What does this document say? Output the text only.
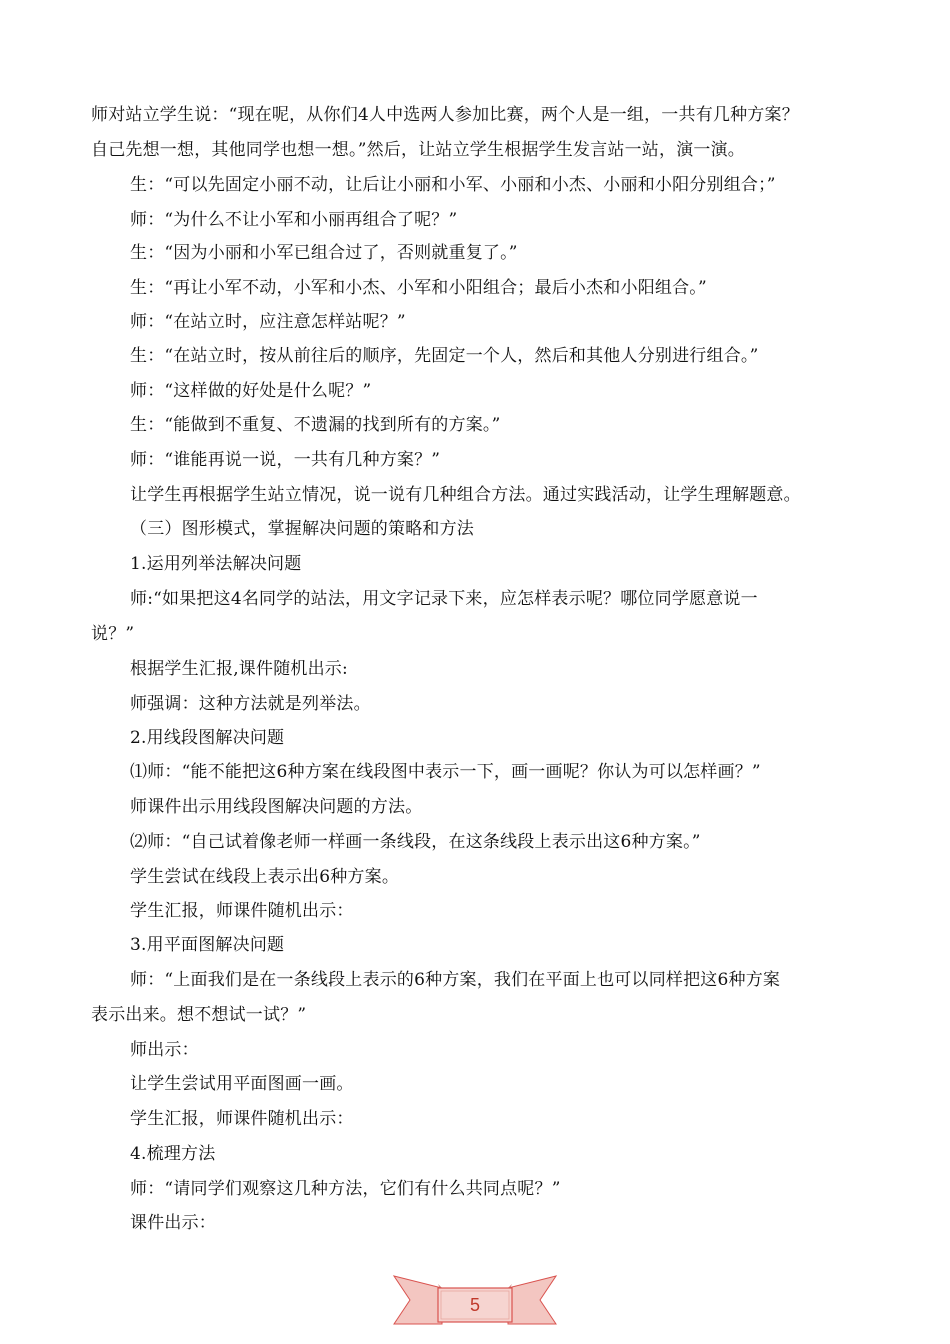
师对站立学生说：“现在呢，从你们4人中选两人参加比赛，两个人是一组，一共有几种方案？
自己先想一想，其他同学也想一想。”然后，让站立学生根据学生发言站一站，演一演。
生：“可以先固定小丽不动，让后让小丽和小军、小丽和小杰、小丽和小阳分别组合；”
师：“为什么不让小军和小丽再组合了呢？”
生：“因为小丽和小军已组合过了，否则就重复了。”
生：“再让小军不动，小军和小杰、小军和小阳组合；最后小杰和小阳组合。”
师：“在站立时，应注意怎样站呢？”
生：“在站立时，按从前往后的顺序，先固定一个人，然后和其他人分别进行组合。”
师：“这样做的好处是什么呢？”
生：“能做到不重复、不遗漏的找到所有的方案。”
师：“谁能再说一说，一共有几种方案？”
让学生再根据学生站立情况，说一说有几种组合方法。通过实践活动，让学生理解题意。
（三）图形模式，掌握解决问题的策略和方法
1.运用列举法解决问题
师:“如果把这4名同学的站法，用文字记录下来，应怎样表示呢？哪位同学愿意说一
说？”
根据学生汇报,课件随机出示:
师强调：这种方法就是列举法。
2.用线段图解决问题
⑴师：“能不能把这6种方案在线段图中表示一下，画一画呢？你认为可以怎样画？”
师课件出示用线段图解决问题的方法。
⑵师：“自己试着像老师一样画一条线段，在这条线段上表示出这6种方案。”
学生尝试在线段上表示出6种方案。
学生汇报，师课件随机出示：
3.用平面图解决问题
师：“上面我们是在一条线段上表示的6种方案，我们在平面上也可以同样把这6种方案
表示出来。想不想试一试？”
师出示：
让学生尝试用平面图画一画。
学生汇报，师课件随机出示：
4.梳理方法
师：“请同学们观察这几种方法，它们有什么共同点呢？”
课件出示：
5
